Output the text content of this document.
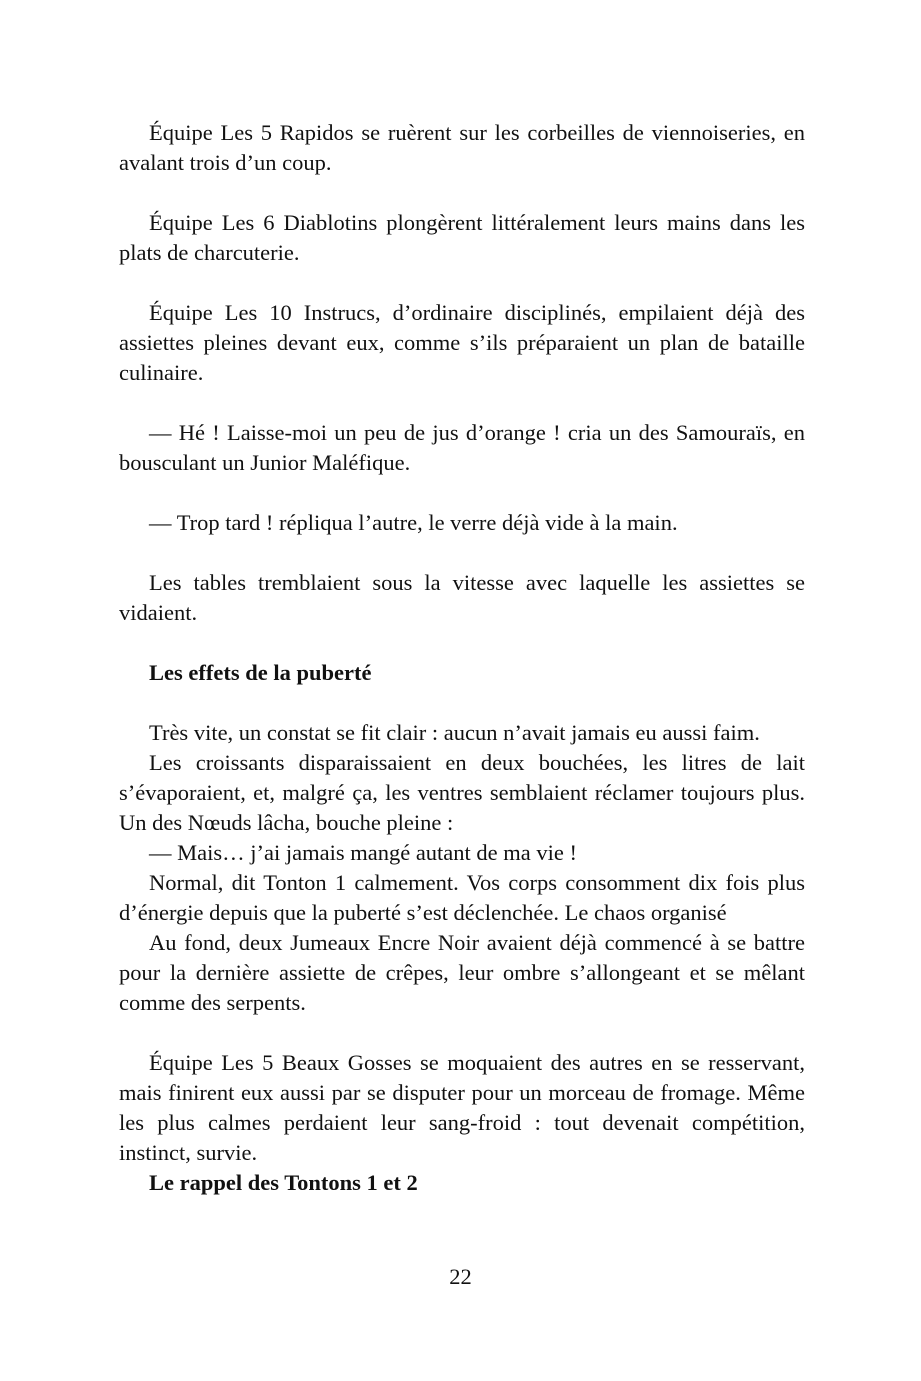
Équipe Les 5 Rapidos se ruèrent sur les corbeilles de viennoiseries, en avalant trois d’un coup.

Équipe Les 6 Diablotins plongèrent littéralement leurs mains dans les plats de charcuterie.

Équipe Les 10 Instrucs, d’ordinaire disciplinés, empilaient déjà des assiettes pleines devant eux, comme s’ils préparaient un plan de bataille culinaire.

— Hé ! Laisse-moi un peu de jus d’orange ! cria un des Samouraïs, en bousculant un Junior Maléfique.

— Trop tard ! répliqua l’autre, le verre déjà vide à la main.

Les tables tremblaient sous la vitesse avec laquelle les assiettes se vidaient.

Les effets de la puberté

Très vite, un constat se fit clair : aucun n’avait jamais eu aussi faim.

Les croissants disparaissaient en deux bouchées, les litres de lait s’évaporaient, et, malgré ça, les ventres semblaient réclamer toujours plus. Un des Nœuds lâcha, bouche pleine :

— Mais… j’ai jamais mangé autant de ma vie !

Normal, dit Tonton 1 calmement. Vos corps consomment dix fois plus d’énergie depuis que la puberté s’est déclenchée. Le chaos organisé

Au fond, deux Jumeaux Encre Noir avaient déjà commencé à se battre pour la dernière assiette de crêpes, leur ombre s’allongeant et se mêlant comme des serpents.

Équipe Les 5 Beaux Gosses se moquaient des autres en se resservant, mais finirent eux aussi par se disputer pour un morceau de fromage. Même les plus calmes perdaient leur sang-froid : tout devenait compétition, instinct, survie.

Le rappel des Tontons 1 et 2
22
